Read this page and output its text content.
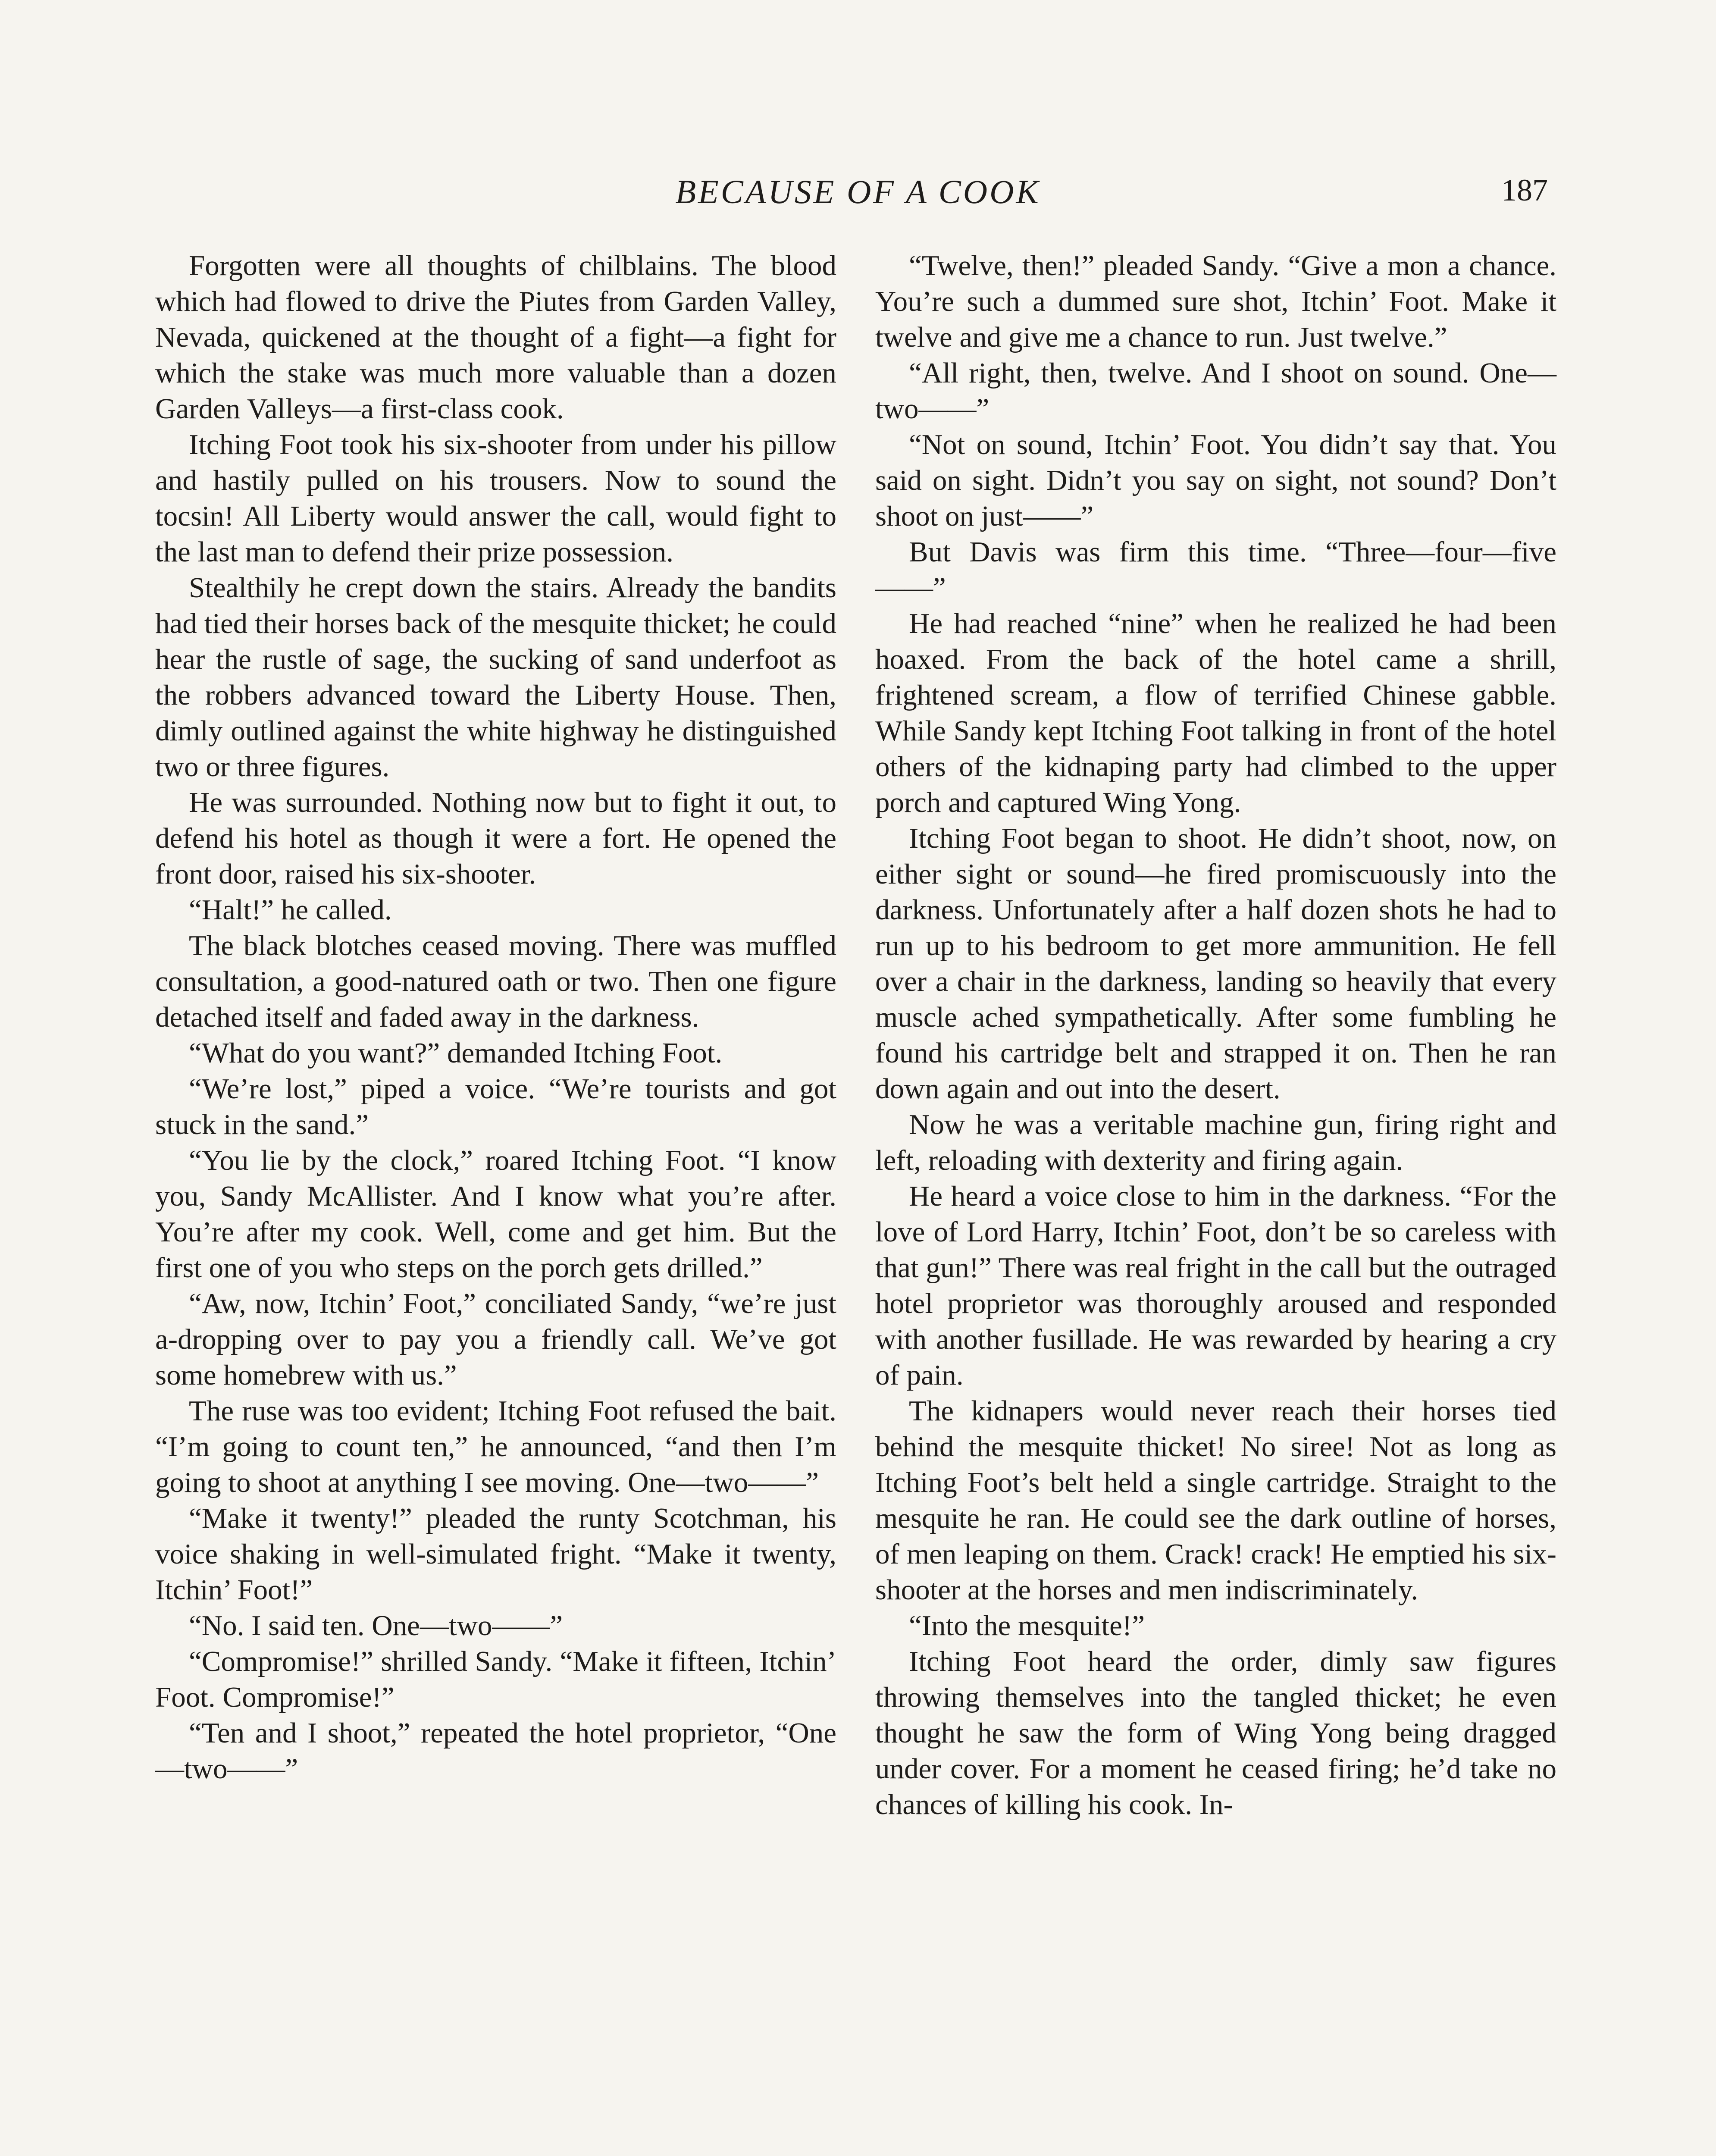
BECAUSE OF A COOK	187

Forgotten were all thoughts of chilblains. The blood which had flowed to drive the Piutes from Garden Valley, Nevada, quickened at the thought of a fight—a fight for which the stake was much more valuable than a dozen Garden Valleys—a first-class cook.

Itching Foot took his six-shooter from under his pillow and hastily pulled on his trousers. Now to sound the tocsin! All Liberty would answer the call, would fight to the last man to defend their prize possession.

Stealthily he crept down the stairs. Already the bandits had tied their horses back of the mesquite thicket; he could hear the rustle of sage, the sucking of sand underfoot as the robbers advanced toward the Liberty House. Then, dimly outlined against the white highway he distinguished two or three figures.

He was surrounded. Nothing now but to fight it out, to defend his hotel as though it were a fort. He opened the front door, raised his six-shooter.

“Halt!” he called.

The black blotches ceased moving. There was muffled consultation, a good-natured oath or two. Then one figure detached itself and faded away in the darkness.

“What do you want?” demanded Itching Foot.

“We’re lost,” piped a voice. “We’re tourists and got stuck in the sand.”

“You lie by the clock,” roared Itching Foot. “I know you, Sandy McAllister. And I know what you’re after. You’re after my cook. Well, come and get him. But the first one of you who steps on the porch gets drilled.”

“Aw, now, Itchin’ Foot,” conciliated Sandy, “we’re just a-dropping over to pay you a friendly call. We’ve got some homebrew with us.”

The ruse was too evident; Itching Foot refused the bait. “I’m going to count ten,” he announced, “and then I’m going to shoot at anything I see moving. One—two——”

“Make it twenty!” pleaded the runty Scotchman, his voice shaking in well-simulated fright. “Make it twenty, Itchin’ Foot!”

“No. I said ten. One—two——”

“Compromise!” shrilled Sandy. “Make it fifteen, Itchin’ Foot. Compromise!”

“Ten and I shoot,” repeated the hotel proprietor, “One—two——”

“Twelve, then!” pleaded Sandy. “Give a mon a chance. You’re such a dummed sure shot, Itchin’ Foot. Make it twelve and give me a chance to run. Just twelve.”

“All right, then, twelve. And I shoot on sound. One—two——”

“Not on sound, Itchin’ Foot. You didn’t say that. You said on sight. Didn’t you say on sight, not sound? Don’t shoot on just——”

But Davis was firm this time. “Three—four—five——”

He had reached “nine” when he realized he had been hoaxed. From the back of the hotel came a shrill, frightened scream, a flow of terrified Chinese gabble. While Sandy kept Itching Foot talking in front of the hotel others of the kidnaping party had climbed to the upper porch and captured Wing Yong.

Itching Foot began to shoot. He didn’t shoot, now, on either sight or sound—he fired promiscuously into the darkness. Unfortunately after a half dozen shots he had to run up to his bedroom to get more ammunition. He fell over a chair in the darkness, landing so heavily that every muscle ached sympathetically. After some fumbling he found his cartridge belt and strapped it on. Then he ran down again and out into the desert.

Now he was a veritable machine gun, firing right and left, reloading with dexterity and firing again.

He heard a voice close to him in the darkness. “For the love of Lord Harry, Itchin’ Foot, don’t be so careless with that gun!” There was real fright in the call but the outraged hotel proprietor was thoroughly aroused and responded with another fusillade. He was rewarded by hearing a cry of pain.

The kidnapers would never reach their horses tied behind the mesquite thicket! No siree! Not as long as Itching Foot’s belt held a single cartridge. Straight to the mesquite he ran. He could see the dark outline of horses, of men leaping on them. Crack! crack! He emptied his six-shooter at the horses and men indiscriminately.

“Into the mesquite!”

Itching Foot heard the order, dimly saw figures throwing themselves into the tangled thicket; he even thought he saw the form of Wing Yong being dragged under cover. For a moment he ceased firing; he’d take no chances of killing his cook. In-
